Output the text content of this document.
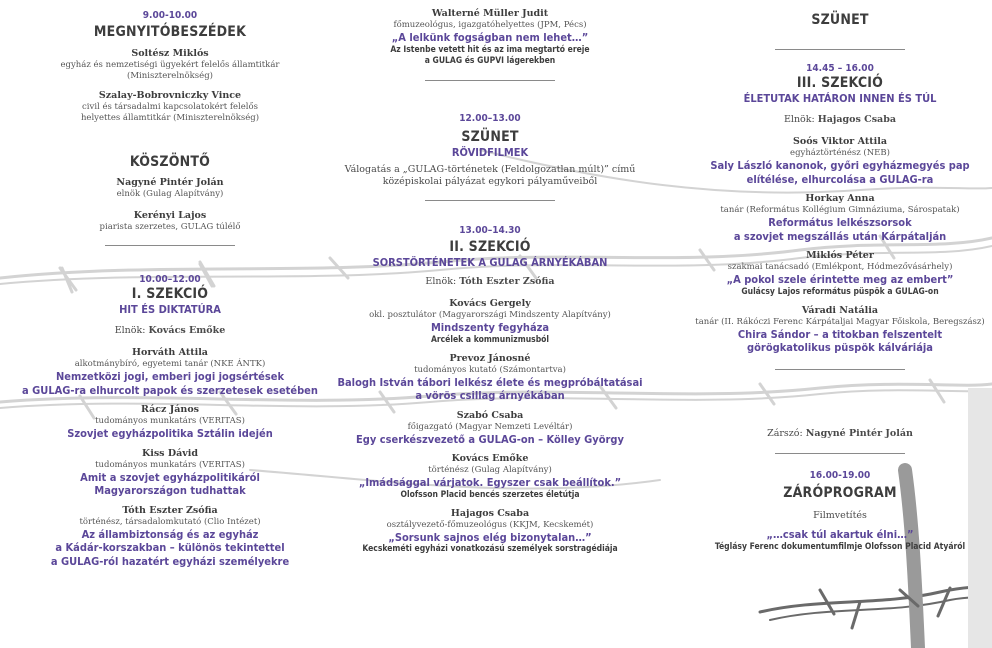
9.00-10.00
MEGNYITÓBESZÉDEK
Soltész Miklós
egyház és nemzetiségi ügyekért felelős államtitkár
(Miniszterelnökség)
Szalay-Bobrovniczky Vince
civil és társadalmi kapcsolatokért felelős
helyettes államtitkár (Miniszterelnökség)
KÖSZÖNTŐ
Nagyné Pintér Jolán
elnök (Gulag Alapítvány)
Kerényi Lajos
piarista szerzetes, GULAG túlélő
10.00–12.00
I. SZEKCIÓ
HIT ÉS DIKTATÚRA
Elnök: Kovács Emőke
Horváth Attila
alkotmánybíró, egyetemi tanár (NKE ÁNTK)
Nemzetközi jogi, emberi jogi jogsértések
a GULAG-ra elhurcolt papok és szerzetesek esetében
Rácz János
tudományos munkatárs (VERITAS)
Szovjet egyházpolitika Sztálin idején
Kiss Dávid
tudományos munkatárs (VERITAS)
Amit a szovjet egyházpolitikáról
Magyarországon tudhattak
Tóth Eszter Zsófia
történész, társadalomkutató (Clio Intézet)
Az állambiztonság és az egyház
a Kádár-korszakban – különös tekintettel
a GULAG-ról hazatért egyházi személyekre
Walterné Müller Judit
főmuzeológus, igazgatóhelyettes (JPM, Pécs)
„A lelkünk fogságban nem lehet…”
Az Istenbe vetett hit és az ima megtartó ereje
a GULAG és GUPVI lágerekben
12.00–13.00
SZÜNET
RÖVIDFILMEK
Válogatás a „GULAG-történetek (Feldolgozatlan múlt)” című
középiskolai pályázat egykori pályaműveiből
13.00–14.30
II. SZEKCIÓ
SORSTÖRTÉNETEK A GULAG ÁRNYÉKÁBAN
Elnök: Tóth Eszter Zsófia
Kovács Gergely
okl. posztulátor (Magyarországi Mindszenty Alapítvány)
Mindszenty fegyháza
Arcélek a kommunizmusból
Prevoz Jánosné
tudományos kutató (Számontartva)
Balogh István tábori lelkész élete és megpróbáltatásai
a vörös csillag árnyékában
Szabó Csaba
főigazgató (Magyar Nemzeti Levéltár)
Egy cserkészvezető a GULAG-on – Kölley György
Kovács Emőke
történész (Gulag Alapítvány)
„Imádsággal várjatok. Egyszer csak beállítok.”
Olofsson Placid bencés szerzetes életútja
Hajagos Csaba
osztályvezető-főmuzeológus (KKJM, Kecskemét)
„Sorsunk sajnos elég bizonytalan…”
Kecskeméti egyházi vonatkozású személyek sorstragédiája
SZÜNET
14.45 – 16.00
III. SZEKCIÓ
ÉLETUTAK HATÁRON INNEN ÉS TÚL
Elnök: Hajagos Csaba
Soós Viktor Attila
egyháztörténész (NEB)
Saly László kanonok, győri egyházmegyés pap
elítélése, elhurcolása a GULAG-ra
Horkay Anna
tanár (Református Kollégium Gimnáziuma, Sárospatak)
Református lelkészsorsok
a szovjet megszállás után Kárpátalján
Miklós Péter
szakmai tanácsadó (Emlékpont, Hódmezővásárhely)
„A pokol szele érintette meg az embert”
Gulácsy Lajos református püspök a GULAG-on
Váradi Natália
tanár (II. Rákóczi Ferenc Kárpátaljai Magyar Főiskola, Beregszász)
Chira Sándor – a titokban felszentelt
görögkatolikus püspök kálváriája
Zárszó: Nagyné Pintér Jolán
16.00-19.00
ZÁRÓPROGRAM
Filmvetítés
„…csak túl akartuk élni…”
Téglásy Ferenc dokumentumfilmje Olofsson Placid Atyáról
